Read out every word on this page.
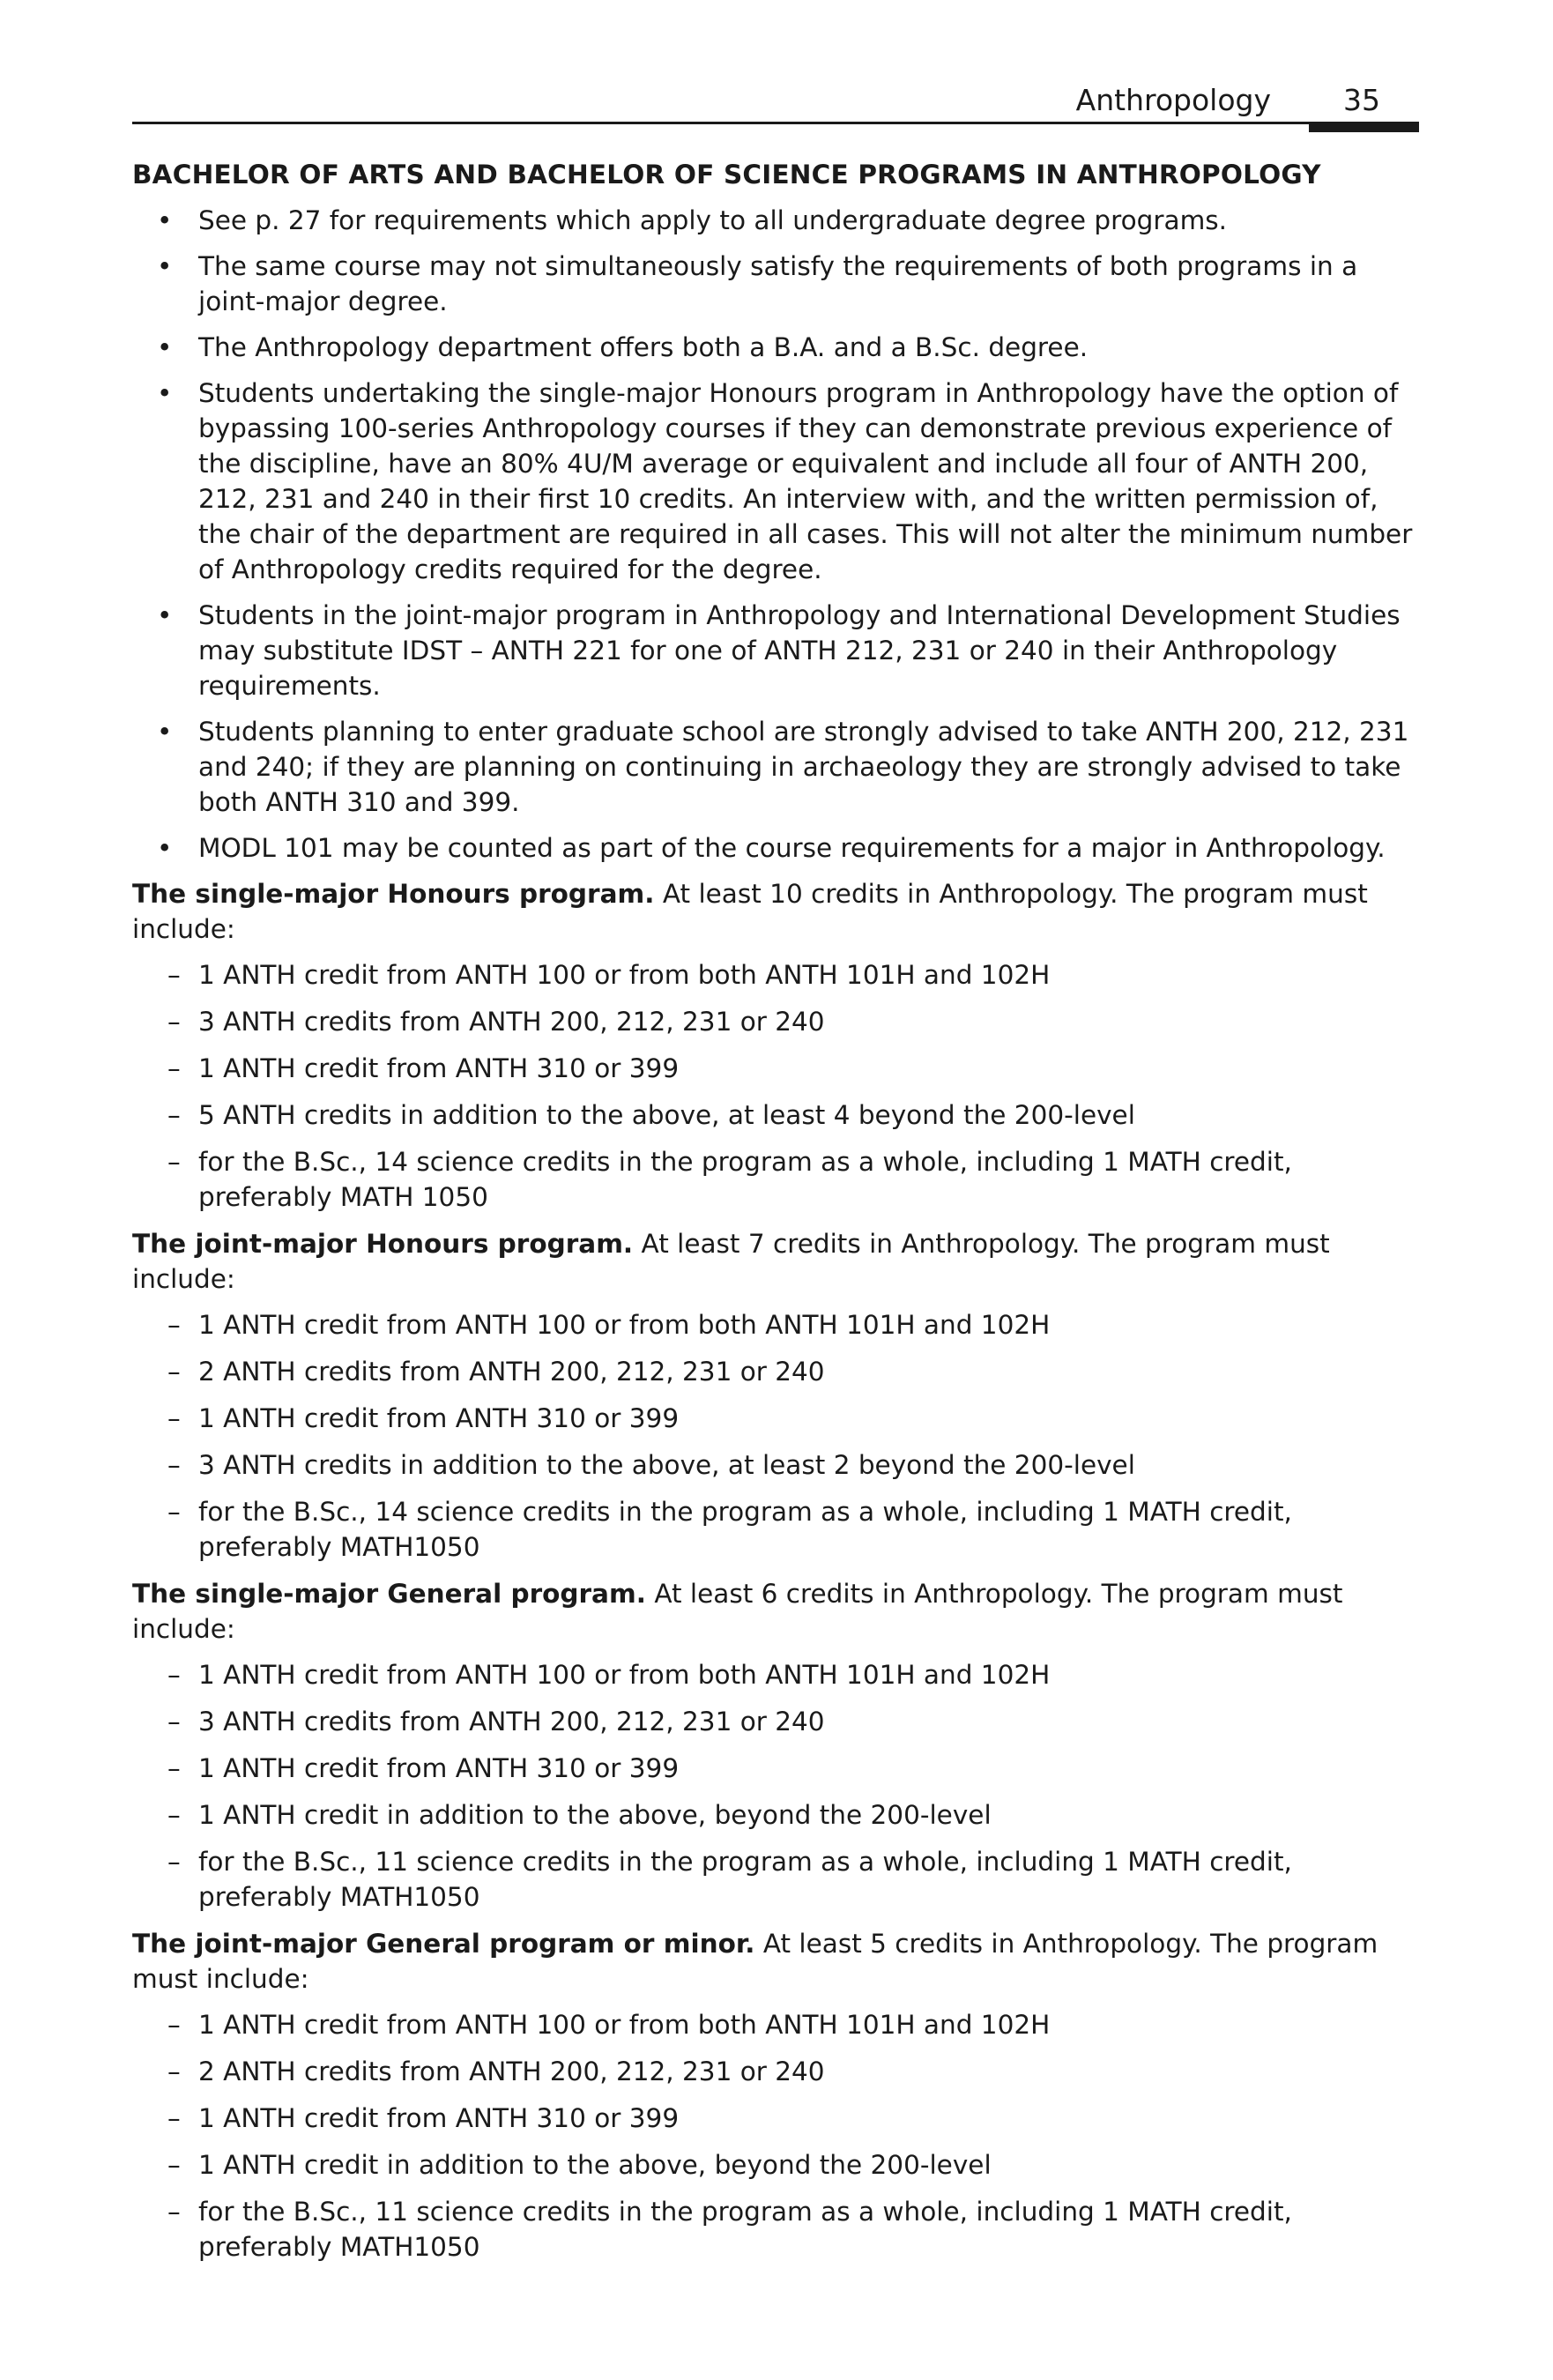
Anthropology 35
BACHELOR OF ARTS AND BACHELOR OF SCIENCE PROGRAMS IN ANTHROPOLOGY
• See p. 27 for requirements which apply to all undergraduate degree programs.
• The same course may not simultaneously satisfy the requirements of both programs in a joint-major degree.
• The Anthropology department offers both a B.A. and a B.Sc. degree.
• Students undertaking the single-major Honours program in Anthropology have the option of bypassing 100-series Anthropology courses if they can demonstrate previous experience of the discipline, have an 80% 4U/M average or equivalent and include all four of ANTH 200, 212, 231 and 240 in their first 10 credits. An interview with, and the written permission of, the chair of the department are required in all cases. This will not alter the minimum number of Anthropology credits required for the degree.
• Students in the joint-major program in Anthropology and International Development Studies may substitute IDST – ANTH 221 for one of ANTH 212, 231 or 240 in their Anthropology requirements.
• Students planning to enter graduate school are strongly advised to take ANTH 200, 212, 231 and 240; if they are planning on continuing in archaeology they are strongly advised to take both ANTH 310 and 399.
• MODL 101 may be counted as part of the course requirements for a major in Anthropology.
The single-major Honours program. At least 10 credits in Anthropology. The program must include:
– 1 ANTH credit from ANTH 100 or from both ANTH 101H and 102H
– 3 ANTH credits from ANTH 200, 212, 231 or 240
– 1 ANTH credit from ANTH 310 or 399
– 5 ANTH credits in addition to the above, at least 4 beyond the 200-level
– for the B.Sc., 14 science credits in the program as a whole, including 1 MATH credit, preferably MATH 1050
The joint-major Honours program. At least 7 credits in Anthropology. The program must include:
– 1 ANTH credit from ANTH 100 or from both ANTH 101H and 102H
– 2 ANTH credits from ANTH 200, 212, 231 or 240
– 1 ANTH credit from ANTH 310 or 399
– 3 ANTH credits in addition to the above, at least 2 beyond the 200-level
– for the B.Sc., 14 science credits in the program as a whole, including 1 MATH credit, preferably MATH1050
The single-major General program. At least 6 credits in Anthropology. The program must include:
– 1 ANTH credit from ANTH 100 or from both ANTH 101H and 102H
– 3 ANTH credits from ANTH 200, 212, 231 or 240
– 1 ANTH credit from ANTH 310 or 399
– 1 ANTH credit in addition to the above, beyond the 200-level
– for the B.Sc., 11 science credits in the program as a whole, including 1 MATH credit, preferably MATH1050
The joint-major General program or minor. At least 5 credits in Anthropology. The program must include:
– 1 ANTH credit from ANTH 100 or from both ANTH 101H and 102H
– 2 ANTH credits from ANTH 200, 212, 231 or 240
– 1 ANTH credit from ANTH 310 or 399
– 1 ANTH credit in addition to the above, beyond the 200-level
– for the B.Sc., 11 science credits in the program as a whole, including 1 MATH credit, preferably MATH1050
